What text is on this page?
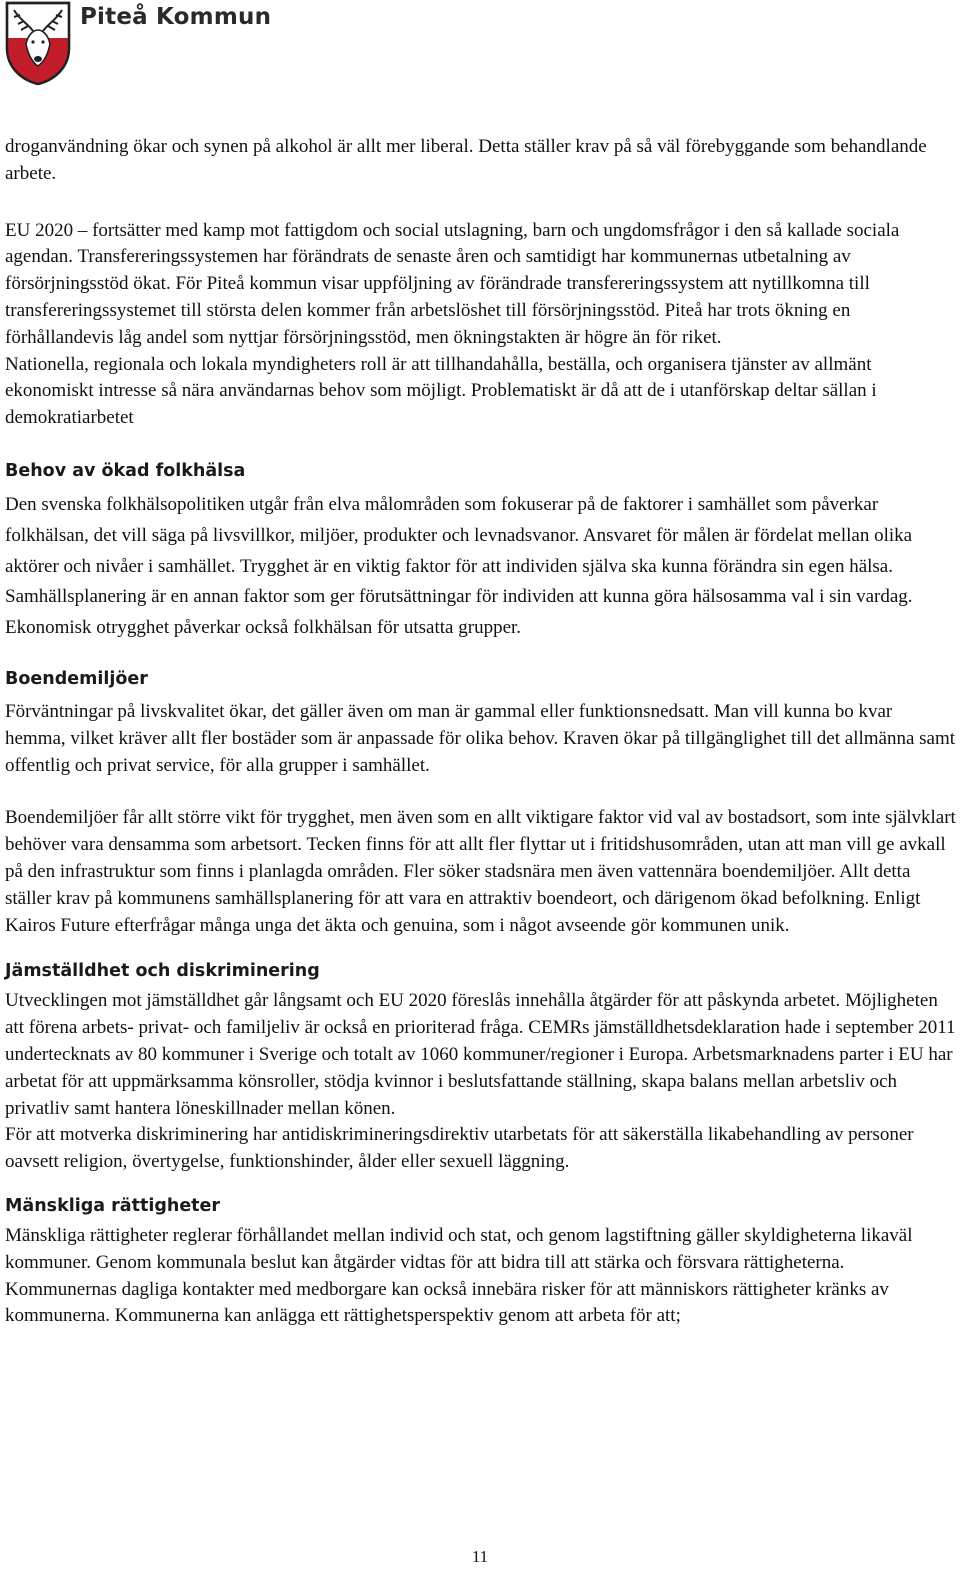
Piteå Kommun

droganvändning ökar och synen på alkohol är allt mer liberal. Detta ställer krav på så väl förebyggande som behandlande arbete.

EU 2020 – fortsätter med kamp mot fattigdom och social utslagning, barn och ungdomsfrågor i den så kallade sociala agendan. Transfereringssystemen har förändrats de senaste åren och samtidigt har kommunernas utbetalning av försörjningsstöd ökat. För Piteå kommun visar uppföljning av förändrade transfereringssystem att nytillkomna till transfereringssystemet till största delen kommer från arbetslöshet till försörjningsstöd. Piteå har trots ökning en förhållandevis låg andel som nyttjar försörjningsstöd, men ökningstakten är högre än för riket.

Nationella, regionala och lokala myndigheters roll är att tillhandahålla, beställa, och organisera tjänster av allmänt ekonomiskt intresse så nära användarnas behov som möjligt. Problematiskt är då att de i utanförskap deltar sällan i demokratiarbetet

Behov av ökad folkhälsa

Den svenska folkhälsopolitiken utgår från elva målområden som fokuserar på de faktorer i samhället som påverkar folkhälsan, det vill säga på livsvillkor, miljöer, produkter och levnadsvanor. Ansvaret för målen är fördelat mellan olika aktörer och nivåer i samhället. Trygghet är en viktig faktor för att individen själva ska kunna förändra sin egen hälsa. Samhällsplanering är en annan faktor som ger förutsättningar för individen att kunna göra hälsosamma val i sin vardag. Ekonomisk otrygghet påverkar också folkhälsan för utsatta grupper.

Boendemiljöer

Förväntningar på livskvalitet ökar, det gäller även om man är gammal eller funktionsnedsatt. Man vill kunna bo kvar hemma, vilket kräver allt fler bostäder som är anpassade för olika behov. Kraven ökar på tillgänglighet till det allmänna samt offentlig och privat service, för alla grupper i samhället.

Boendemiljöer får allt större vikt för trygghet, men även som en allt viktigare faktor vid val av bostadsort, som inte självklart behöver vara densamma som arbetsort. Tecken finns för att allt fler flyttar ut i fritidshusområden, utan att man vill ge avkall på den infrastruktur som finns i planlagda områden. Fler söker stadsnära men även vattennära boendemiljöer. Allt detta ställer krav på kommunens samhällsplanering för att vara en attraktiv boendeort, och därigenom ökad befolkning. Enligt Kairos Future efterfrågar många unga det äkta och genuina, som i något avseende gör kommunen unik.

Jämställdhet och diskriminering

Utvecklingen mot jämställdhet går långsamt och EU 2020 föreslås innehålla åtgärder för att påskynda arbetet. Möjligheten att förena arbets- privat- och familjeliv är också en prioriterad fråga. CEMRs jämställdhetsdeklaration hade i september 2011 undertecknats av 80 kommuner i Sverige och totalt av 1060 kommuner/regioner i Europa. Arbetsmarknadens parter i EU har arbetat för att uppmärksamma könsroller, stödja kvinnor i beslutsfattande ställning, skapa balans mellan arbetsliv och privatliv samt hantera löneskillnader mellan könen.

För att motverka diskriminering har antidiskrimineringsdirektiv utarbetats för att säkerställa likabehandling av personer oavsett religion, övertygelse, funktionshinder, ålder eller sexuell läggning.

Mänskliga rättigheter

Mänskliga rättigheter reglerar förhållandet mellan individ och stat, och genom lagstiftning gäller skyldigheterna likaväl kommuner. Genom kommunala beslut kan åtgärder vidtas för att bidra till att stärka och försvara rättigheterna. Kommunernas dagliga kontakter med medborgare kan också innebära risker för att människors rättigheter kränks av kommunerna. Kommunerna kan anlägga ett rättighetsperspektiv genom att arbeta för att;

11
